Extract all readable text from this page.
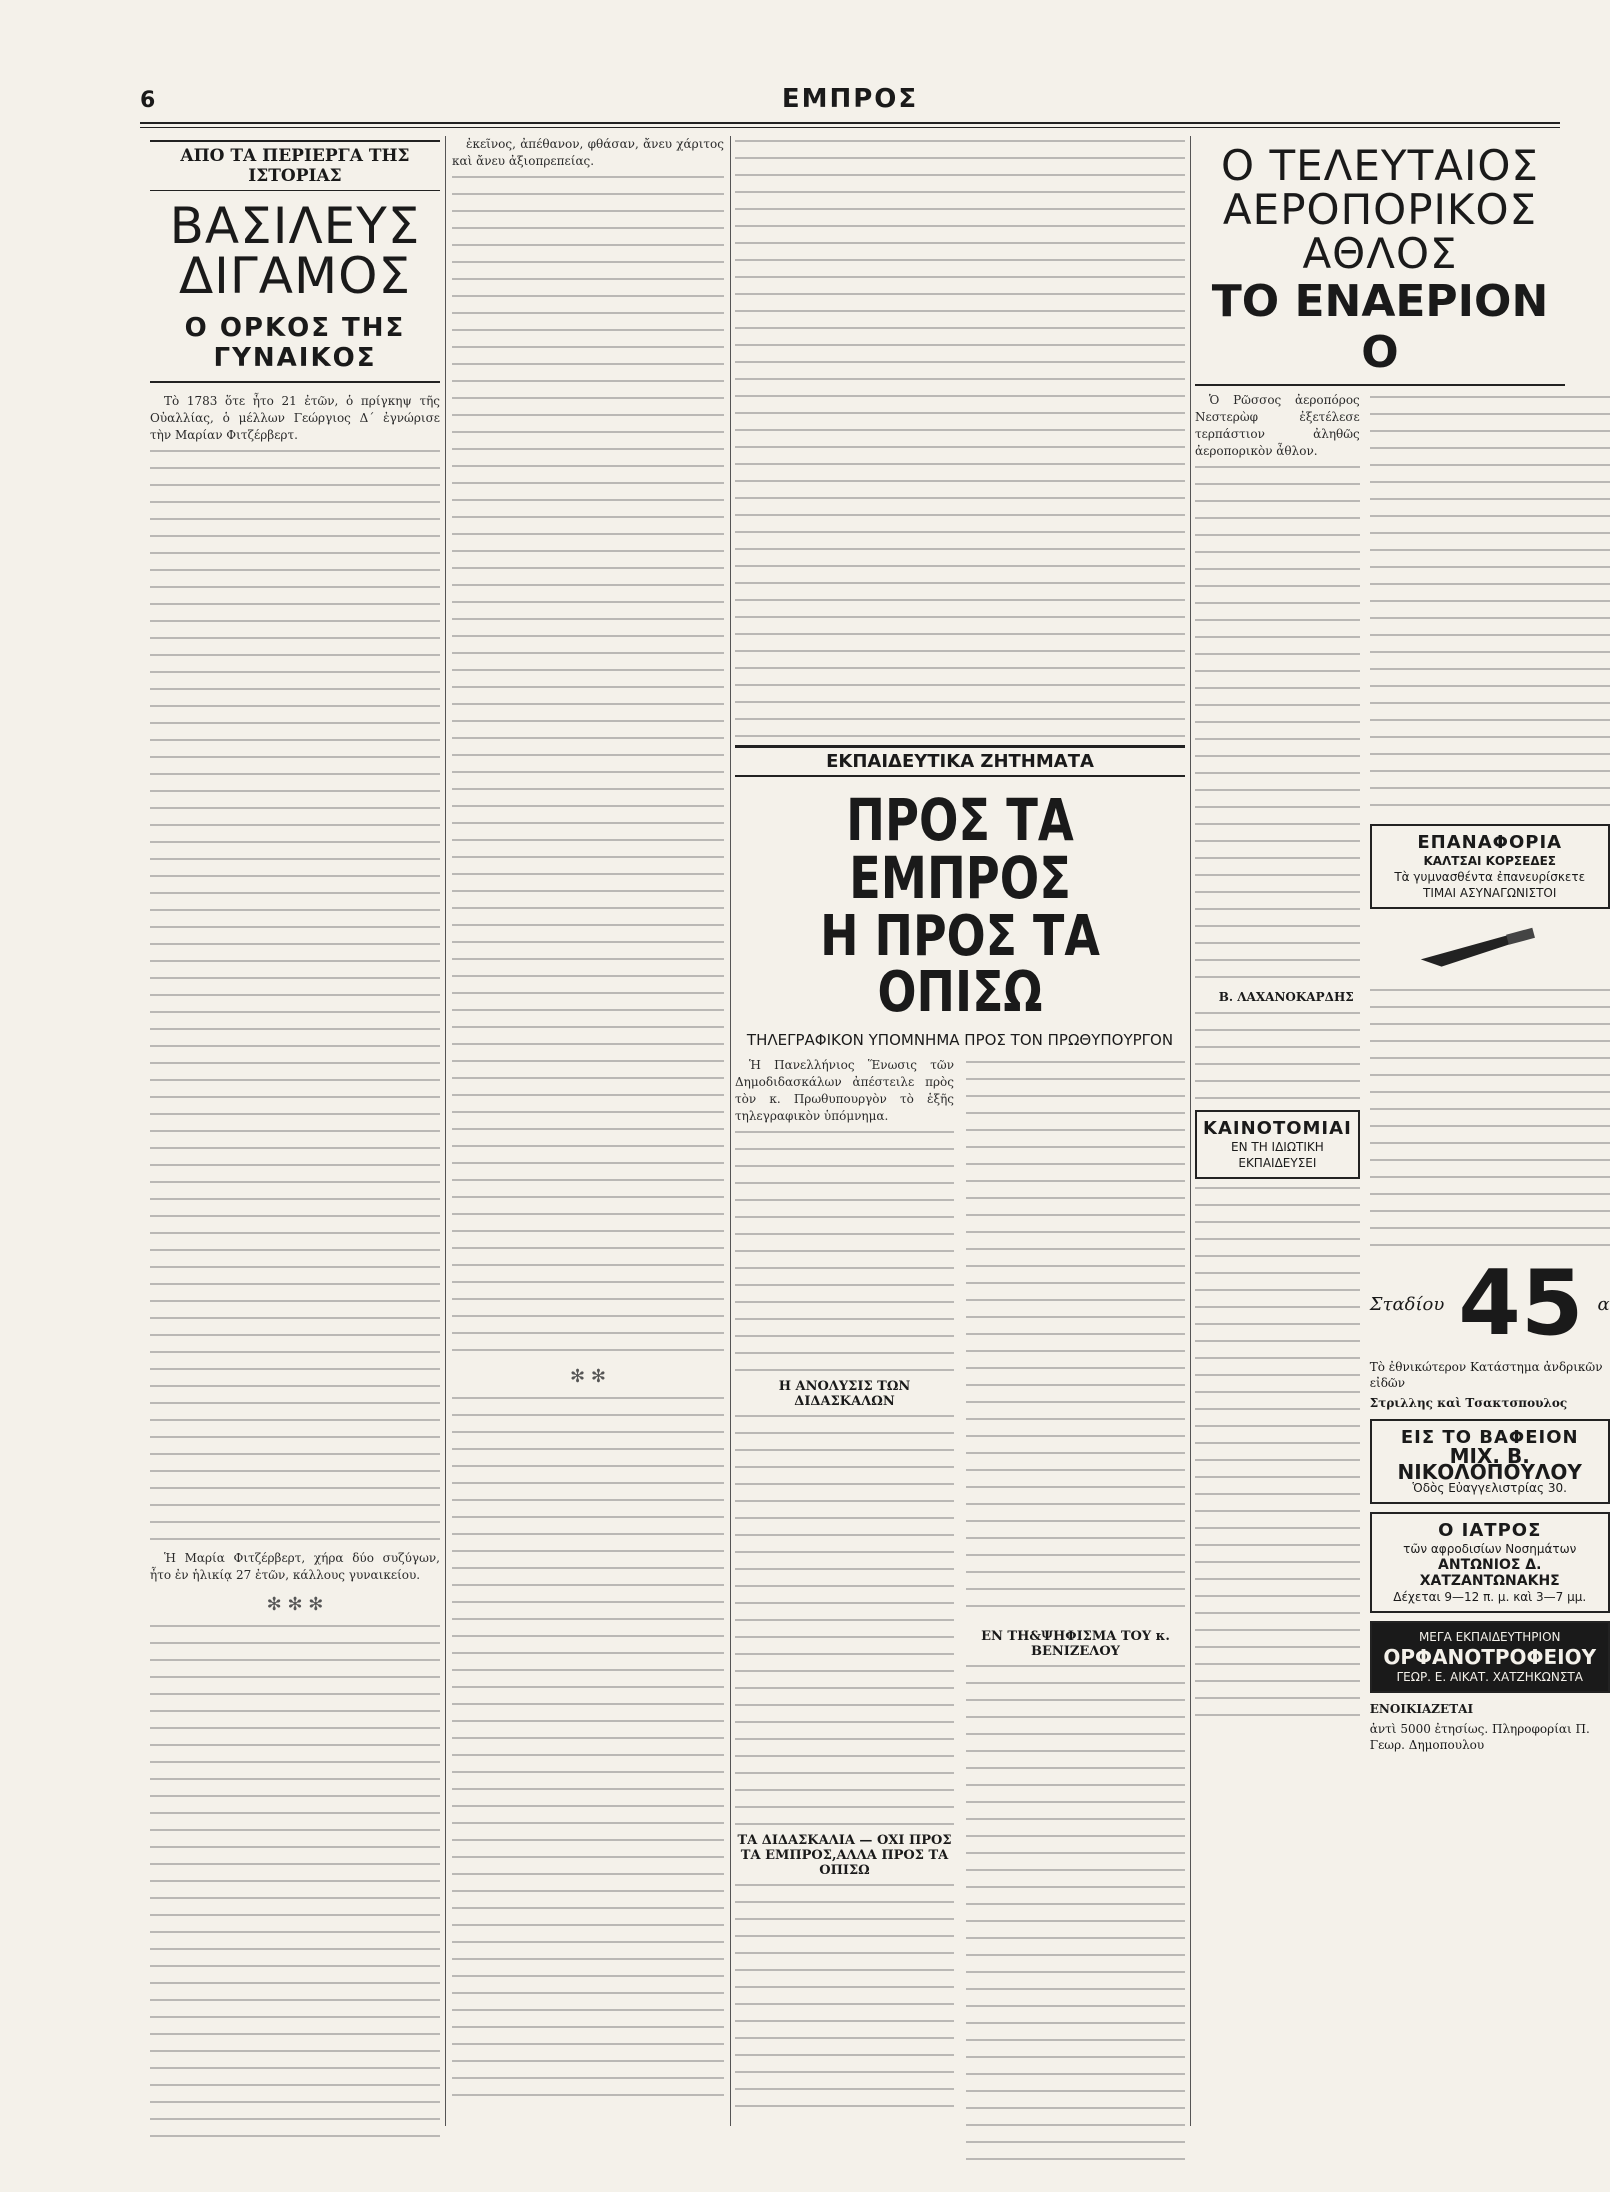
6	ΕΜΠΡΟΣ
ΑΠΟ ΤΑ ΠΕΡΙΕΡΓΑ ΤΗΣ ΙΣΤΟΡΙΑΣ
ΒΑΣΙΛΕΥΣ ΔΙΓΑΜΟΣ
Ο ΟΡΚΟΣ ΤΗΣ ΓΥΝΑΙΚΟΣ

Τὸ 1783 ὅτε ἦτο 21 ἐτῶν, ὁ πρίγκηψ τῆς Οὐαλλίας, ὁ μέλλων Γεώργιος Δ΄ ἐγνώρισε τὴν Μαρίαν Φιτζέρβερτ.

Ἡ Μαρία Φιτζέρβερτ, χήρα δύο συζύγων, ἦτο ἐν ἡλικίᾳ 27 ἐτῶν, κάλλους γυναικείου.

✻ ✻ ✻

ἐκεῖνος, ἀπέθανον, φθάσαν, ἄνευ χάριτος καὶ ἄνευ ἀξιοπρεπείας.

✻ ✻
ΕΚΠΑΙΔΕΥΤΙΚΑ ΖΗΤΗΜΑΤΑ
ΠΡΟΣ ΤΑ ΕΜΠΡΟΣ
Η ΠΡΟΣ ΤΑ ΟΠΙΣΩ
ΤΗΛΕΓΡΑΦΙΚΟΝ ΥΠΟΜΝΗΜΑ ΠΡΟΣ ΤΟΝ ΠΡΩΘΥΠΟΥΡΓΟΝ

Ἡ Πανελλήνιος Ἕνωσις τῶν Δημοδιδασκάλων ἀπέστειλε πρὸς τὸν κ. Πρωθυπουργὸν τὸ ἑξῆς τηλεγραφικὸν ὑπόμνημα.

Η ΑΝΟΛΥΣΙΣ ΤΩΝ ΔΙΔΑΣΚΑΛΩΝ
ΤΑ ΔΙΔΑΣΚΑΛΙΑ — ΟΧΙ ΠΡΟΣ ΤΑ ΕΜΠΡΟΣ,ΑΛΛΑ ΠΡΟΣ ΤΑ ΟΠΙΣΩ
ΕΝ ΤΗ&ΨΗΦΙΣΜΑ ΤΟΥ κ. ΒΕΝΙΖΕΛΟΥ
Ο ΤΕΛΕΥΤΑΙΟΣ ΑΕΡΟΠΟΡΙΚΟΣ ΑΘΛΟΣ
ΤΟ ΕΝΑΕΡΙΟΝ Ο

Ὁ Ρῶσσος ἀεροπόρος Νεστερὼφ ἐξετέλεσε τερπάστιον ἀληθῶς ἀεροπορικὸν ἆθλον.

Β. ΛΑΧΑΝΟΚΑΡΔΗΣ
ΚΑΙΝΟΤΟΜΙΑΙ
ΕΝ ΤΗ ΙΔΙΩΤΙΚΗ ΕΚΠΑΙΔΕΥΣΕΙ
ΕΠΑΝΑΦΟΡΙΑ
ΚΑΛΤΣΑΙ ΚΟΡΣΕΔΕΣ
Τὰ γυμνασθέντα ἐπανευρίσκετε
ΤΙΜΑΙ ΑΣΥΝΑΓΩΝΙΣΤΟΙ
Σταδίου 45 α
Τὸ ἐθνικώτερον Κατάστημα ἀνδρικῶν εἰδῶν
Στριλλης καὶ Τσακτσπουλος
ΕΙΣ ΤΟ ΒΑΦΕΙΟΝ
ΜΙΧ. Β. ΝΙΚΟΛΟΠΟΥΛΟΥ
Ὁδὸς Εὐαγγελιστρίας 30.
Ο ΙΑΤΡΟΣ
τῶν αφροδισίων Νοσημάτων
ΑΝΤΩΝΙΟΣ Δ. ΧΑΤΖΑΝΤΩΝΑΚΗΣ
Δέχεται 9—12 π. μ. καὶ 3—7 μμ.
ΜΕΓΑ ΕΚΠΑΙΔΕΥΤΗΡΙΟΝ
ΟΡΦΑΝΟΤΡΟΦΕΙΟΥ
ΓΕΩΡ. Ε. ΑΙΚΑΤ. ΧΑΤΖΗΚΩΝΣΤΑ
ΕΝΟΙΚΙΑΖΕΤΑΙ
ἀντὶ 5000 ἐτησίως. Πληροφορίαι Π. Γεωρ. Δημοπουλου
